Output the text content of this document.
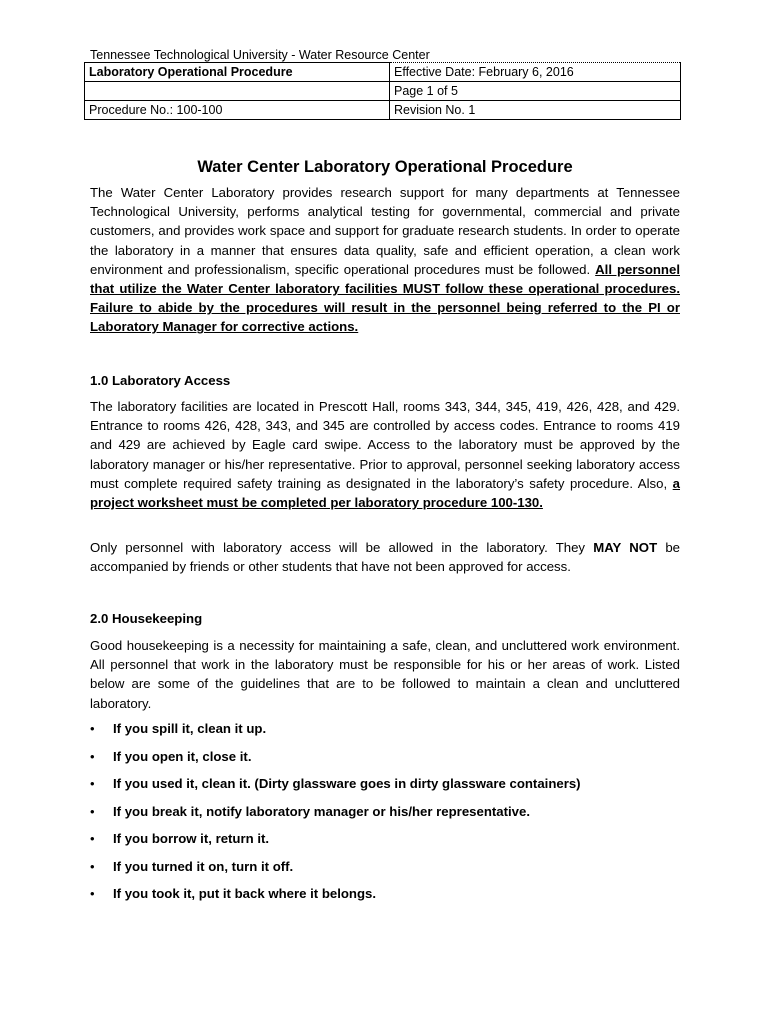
Tennessee Technological University - Water Resource Center
Laboratory Operational Procedure	Effective Date: February 6, 2016
	Page 1 of 5
Procedure No.: 100-100	Revision No. 1
Water Center Laboratory Operational Procedure
The Water Center Laboratory provides research support for many departments at Tennessee Technological University, performs analytical testing for governmental, commercial and private customers, and provides work space and support for graduate research students. In order to operate the laboratory in a manner that ensures data quality, safe and efficient operation, a clean work environment and professionalism, specific operational procedures must be followed. All personnel that utilize the Water Center laboratory facilities MUST follow these operational procedures. Failure to abide by the procedures will result in the personnel being referred to the PI or Laboratory Manager for corrective actions.
1.0 Laboratory Access
The laboratory facilities are located in Prescott Hall, rooms 343, 344, 345, 419, 426, 428, and 429. Entrance to rooms 426, 428, 343, and 345 are controlled by access codes. Entrance to rooms 419 and 429 are achieved by Eagle card swipe. Access to the laboratory must be approved by the laboratory manager or his/her representative. Prior to approval, personnel seeking laboratory access must complete required safety training as designated in the laboratory’s safety procedure. Also, a project worksheet must be completed per laboratory procedure 100-130.
Only personnel with laboratory access will be allowed in the laboratory. They MAY NOT be accompanied by friends or other students that have not been approved for access.
2.0 Housekeeping
Good housekeeping is a necessity for maintaining a safe, clean, and uncluttered work environment. All personnel that work in the laboratory must be responsible for his or her areas of work. Listed below are some of the guidelines that are to be followed to maintain a clean and uncluttered laboratory.
• If you spill it, clean it up.
• If you open it, close it.
• If you used it, clean it. (Dirty glassware goes in dirty glassware containers)
• If you break it, notify laboratory manager or his/her representative.
• If you borrow it, return it.
• If you turned it on, turn it off.
• If you took it, put it back where it belongs.
